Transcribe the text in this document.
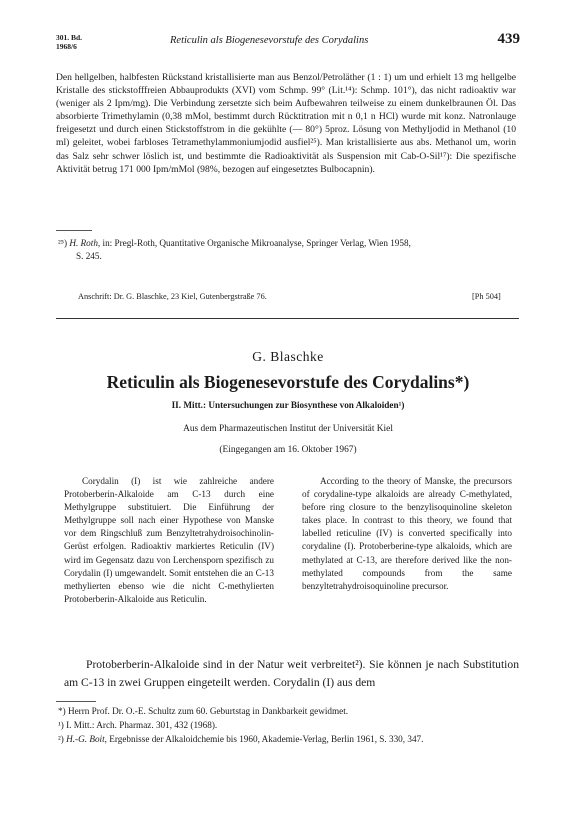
301. Bd.
1968/6	Reticulin als Biogenesevorstufe des Corydalins	439
Den hellgelben, halbfesten Rückstand kristallisierte man aus Benzol/Petroläther (1 : 1) um und erhielt 13 mg hellgelbe Kristalle des stickstofffreien Abbauprodukts (XVI) vom Schmp. 99° (Lit.¹⁴): Schmp. 101°), das nicht radioaktiv war (weniger als 2 Ipm/mg). Die Verbindung zersetzte sich beim Aufbewahren teilweise zu einem dunkelbraunen Öl. Das absorbierte Trimethylamin (0,38 mMol, bestimmt durch Rücktitration mit n 0,1 n HCl) wurde mit konz. Natronlauge freigesetzt und durch einen Stickstoffstrom in die gekühlte (— 80°) 5proz. Lösung von Methyljodid in Methanol (10 ml) geleitet, wobei farbloses Tetramethylammoniumjodid ausfiel²⁵). Man kristallisierte aus abs. Methanol um, worin das Salz sehr schwer löslich ist, und bestimmte die Radioaktivität als Suspension mit Cab-O-Sil¹⁷): Die spezifische Aktivität betrug 171 000 Ipm/mMol (98%, bezogen auf eingesetztes Bulbocapnin).
²⁵) H. Roth, in: Pregl-Roth, Quantitative Organische Mikroanalyse, Springer Verlag, Wien 1958,
S. 245.
Anschrift: Dr. G. Blaschke, 23 Kiel, Gutenbergstraße 76.	[Ph 504]
G. Blaschke
Reticulin als Biogenesevorstufe des Corydalins*)
II. Mitt.: Untersuchungen zur Biosynthese von Alkaloiden¹)
Aus dem Pharmazeutischen Institut der Universität Kiel
(Eingegangen am 16. Oktober 1967)
Corydalin (I) ist wie zahlreiche andere Protoberberin-Alkaloide am C-13 durch eine Methylgruppe substituiert. Die Einführung der Methylgruppe soll nach einer Hypothese von Manske vor dem Ringschluß zum Benzyltetrahydroisochinolin-Gerüst erfolgen. Radioaktiv markiertes Reticulin (IV) wird im Gegensatz dazu von Lerchensporn spezifisch zu Corydalin (I) umgewandelt. Somit entstehen die an C-13 methylierten ebenso wie die nicht C-methylierten Protoberberin-Alkaloide aus Reticulin.
According to the theory of Manske, the precursors of corydaline-type alkaloids are already C-methylated, before ring closure to the benzylisoquinoline skeleton takes place. In contrast to this theory, we found that labelled reticuline (IV) is converted specifically into corydaline (I). Protoberberine-type alkaloids, which are methylated at C-13, are therefore derived like the non-methylated compounds from the same benzyltetrahydroisoquinoline precursor.
Protoberberin-Alkaloide sind in der Natur weit verbreitet²). Sie können je nach Substitution am C-13 in zwei Gruppen eingeteilt werden. Corydalin (I) aus dem
*) Herrn Prof. Dr. O.-E. Schultz zum 60. Geburtstag in Dankbarkeit gewidmet.
¹) I. Mitt.: Arch. Pharmaz. 301, 432 (1968).
²) H.-G. Boit, Ergebnisse der Alkaloidchemie bis 1960, Akademie-Verlag, Berlin 1961, S. 330, 347.
